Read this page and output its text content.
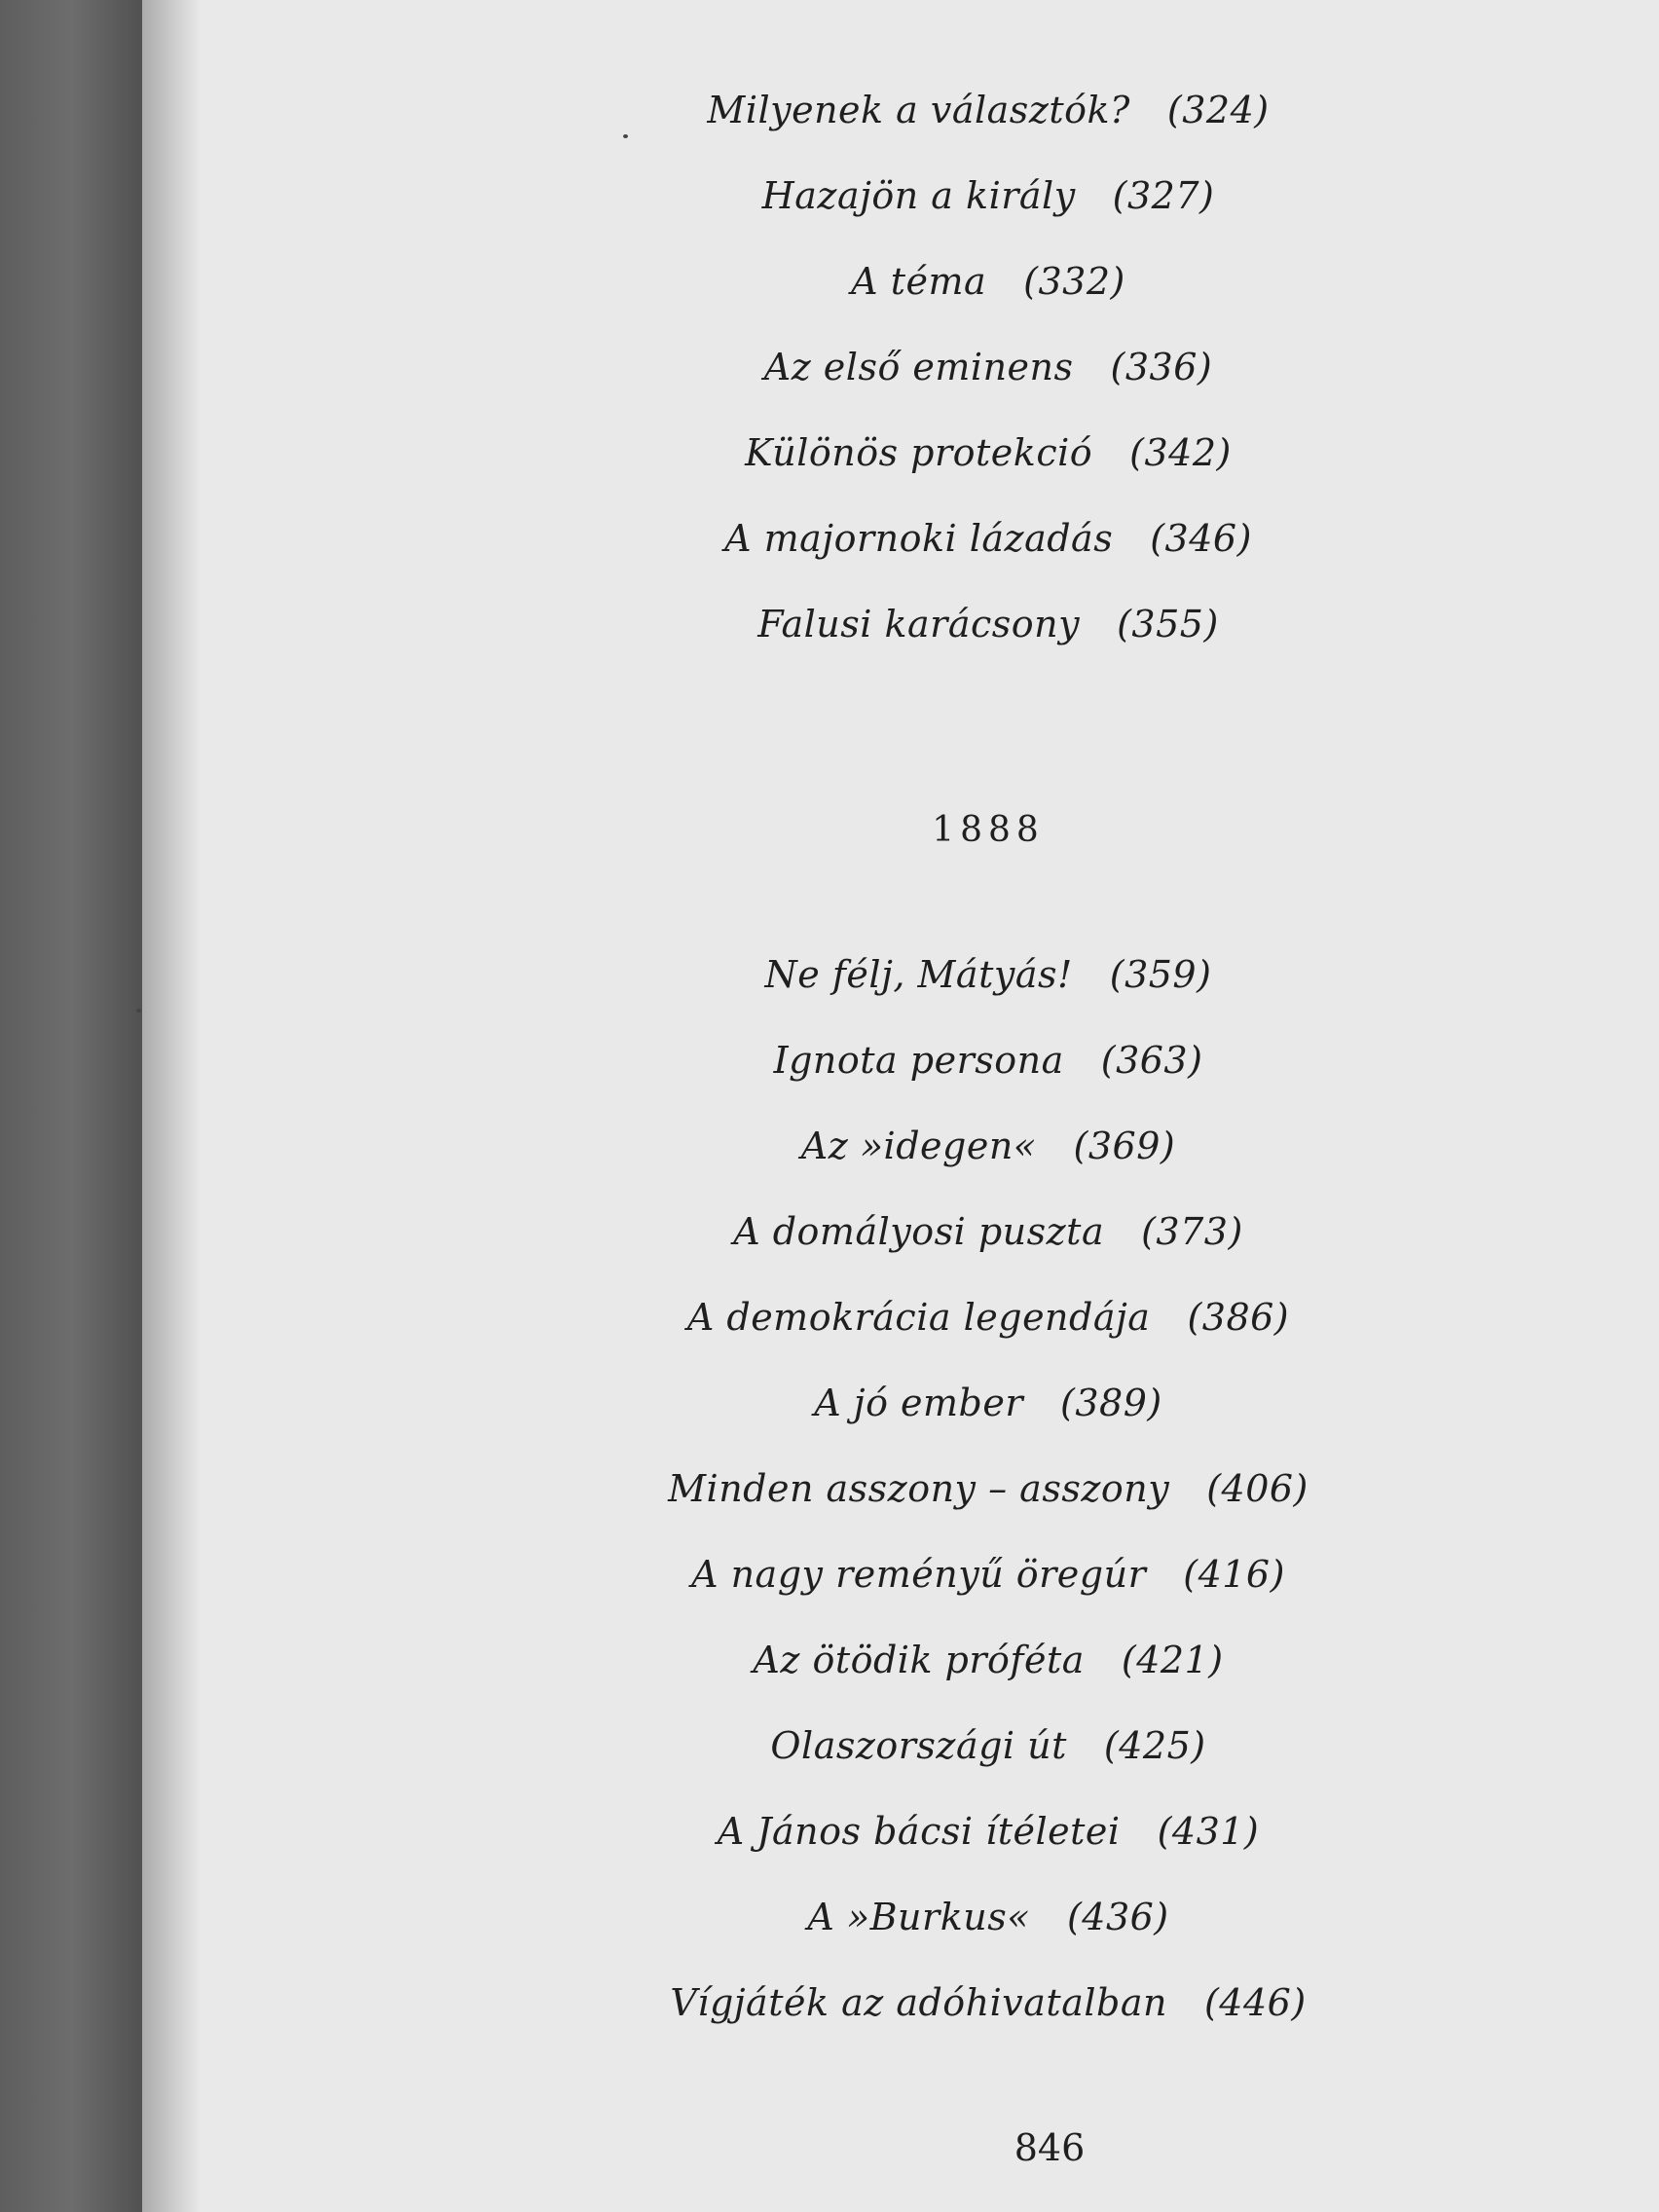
Milyenek a választók? (324)
Hazajön a király (327)
A téma (332)
Az első eminens (336)
Különös protekció (342)
A majornoki lázadás (346)
Falusi karácsony (355)
1888
Ne félj, Mátyás! (359)
Ignota persona (363)
Az »idegen« (369)
A domályosi puszta (373)
A demokrácia legendája (386)
A jó ember (389)
Minden asszony – asszony (406)
A nagy reményű öregúr (416)
Az ötödik próféta (421)
Olaszországi út (425)
A János bácsi ítéletei (431)
A »Burkus« (436)
Vígjáték az adóhivatalban (446)
846
